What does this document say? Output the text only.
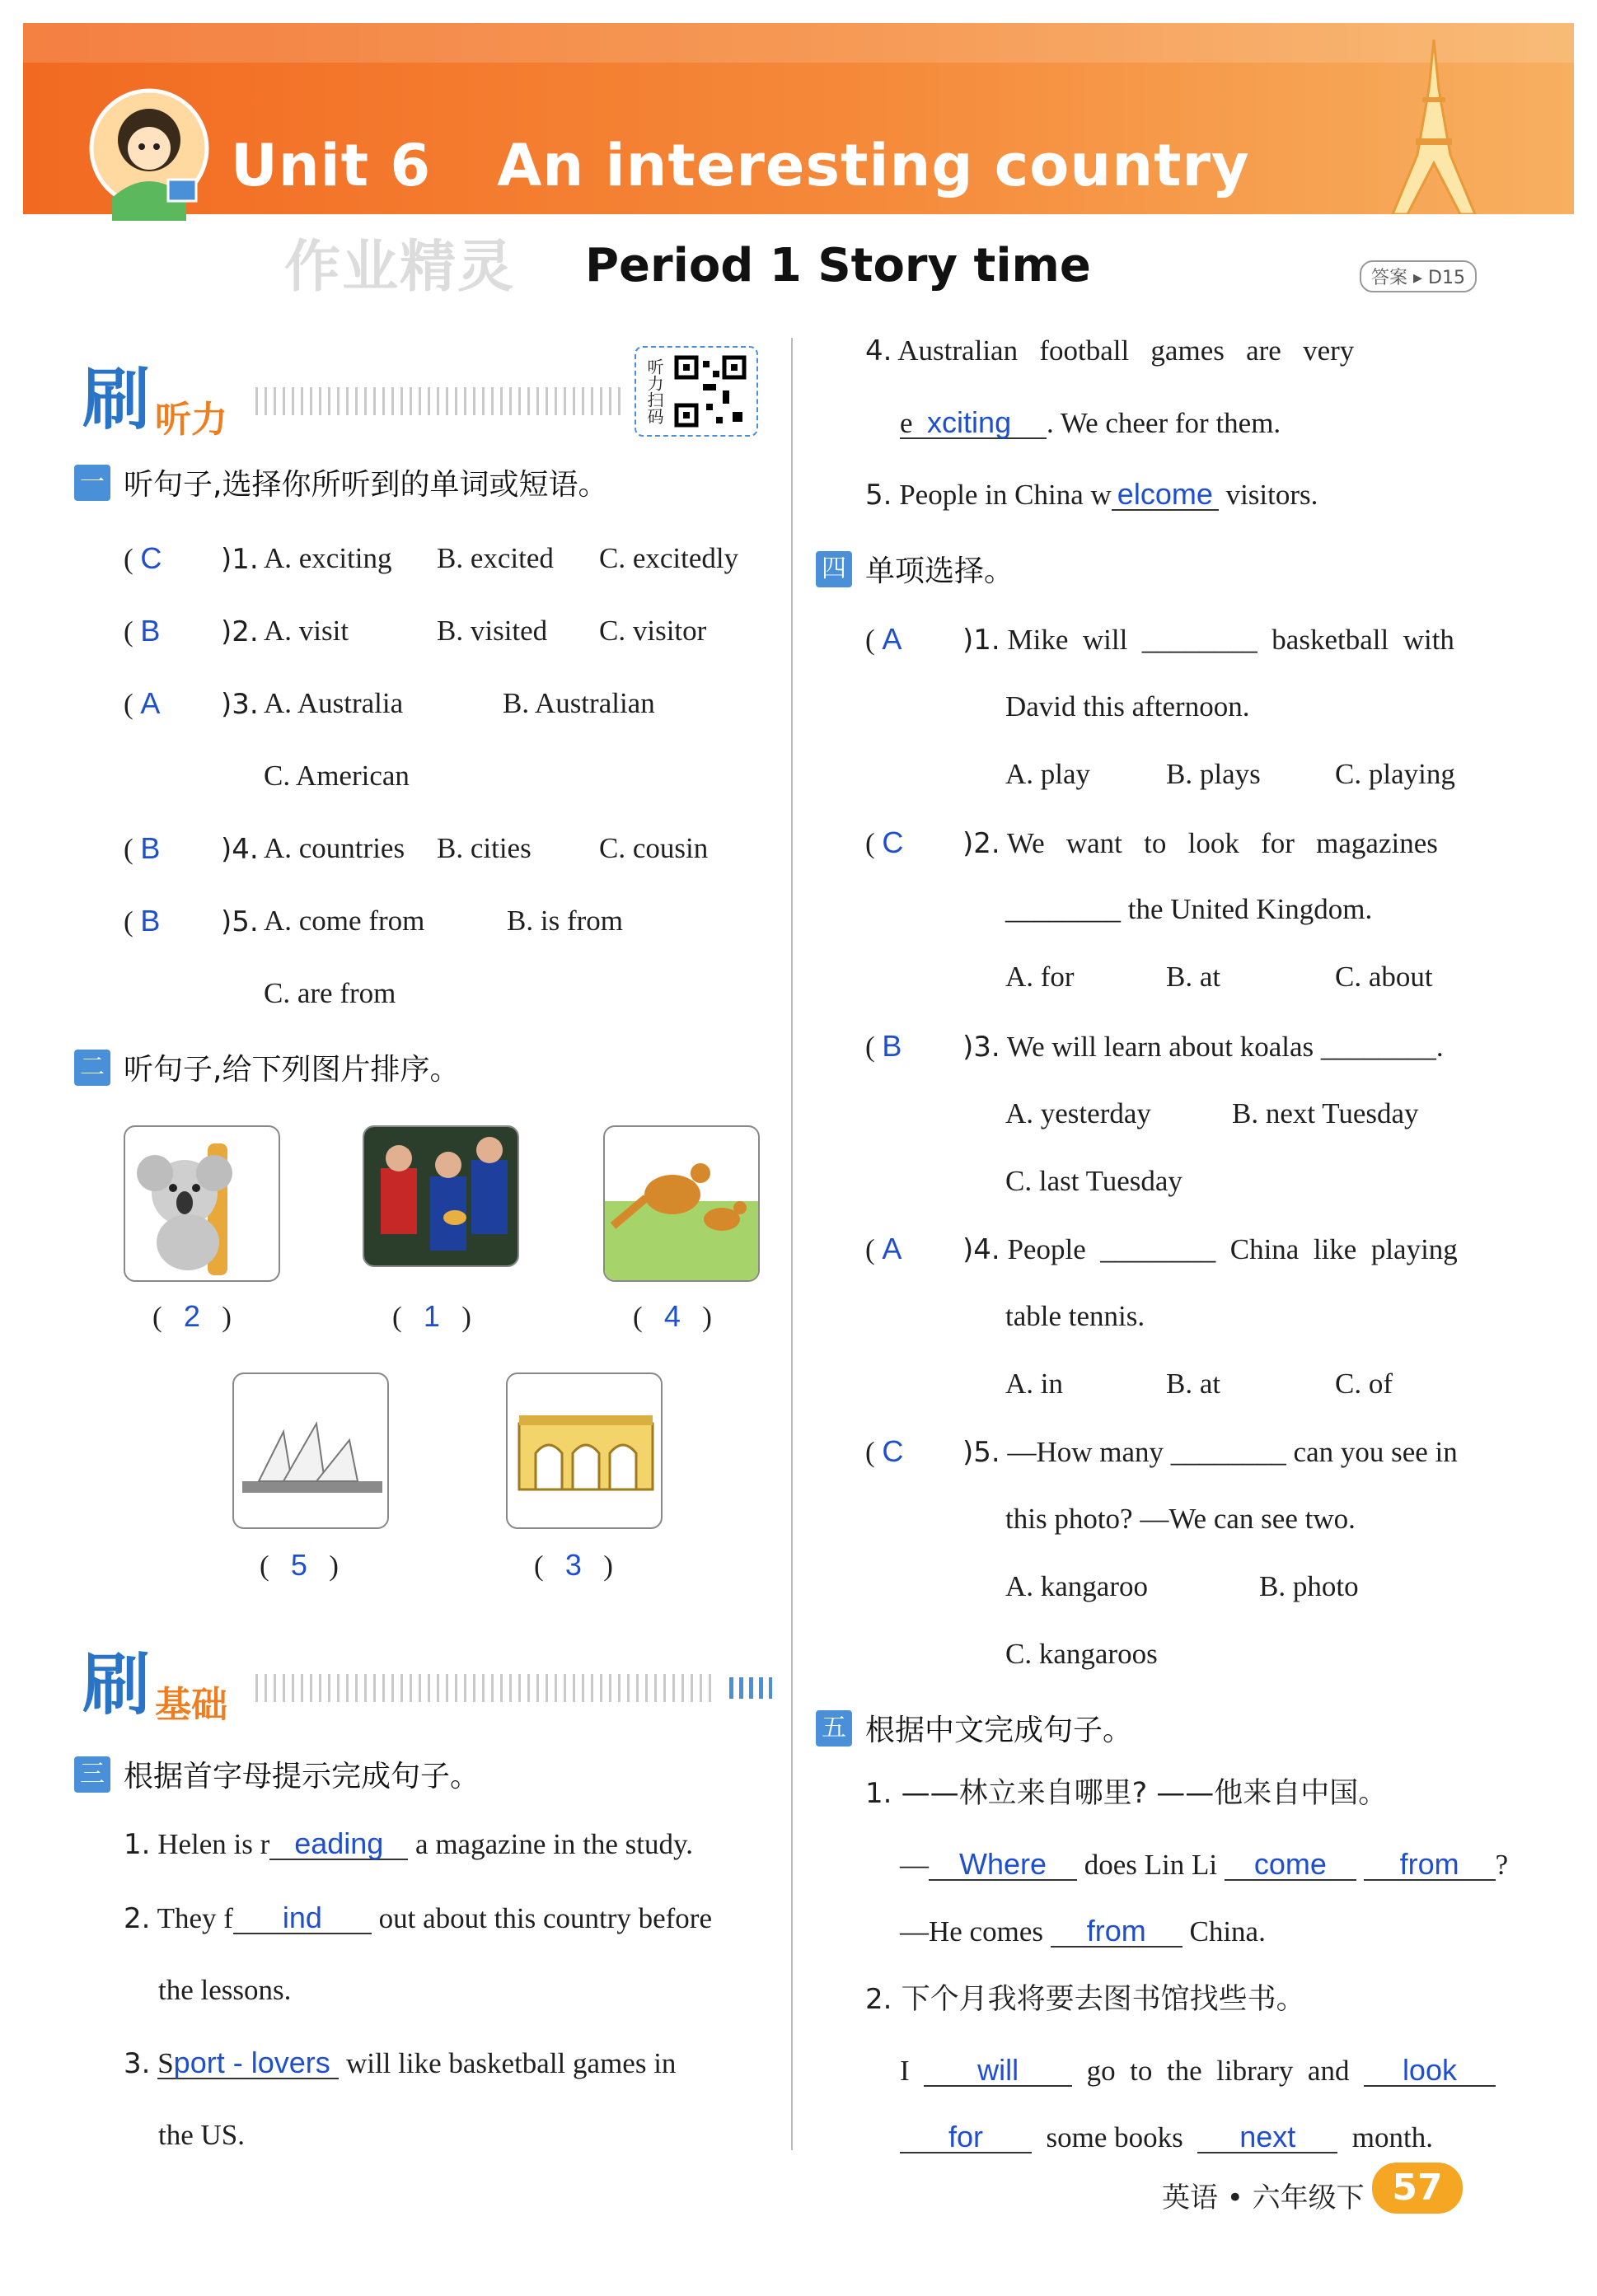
Unit 6 An interesting country
作业精灵 Period 1 Story time	答案 ▸ D15
刷 听力	听力扫码
一 听句子,选择你所听到的单词或短语。
( C )1. A. exciting B. excited C. excitedly
( B )2. A. visit	B. visited C. visitor
( A )3. A. Australia	B. Australian
C. American
( B )4. A. countries B. cities C. cousin
( B )5. A. come from	B. is from
C. are from
二 听句子,给下列图片排序。
(   2   )	(   1   )	(   4   )
(   5   )	(   3   )
刷 基础
三 根据首字母提示完成句子。
1. Helen is r eading a magazine in the study.
2. They f ind out about this country before
the lessons.
3. Sport - lovers will like basketball games in
the US.
4. Australian   football   games   are   very
e xciting . We cheer for them.
5. People in China w elcome visitors.
四 单项选择。
( A )1. Mike  will  ________  basketball  with
David this afternoon.
A. play	B. plays	C. playing
( C )2. We   want   to   look   for   magazines
________ the United Kingdom.
A. for	B. at	C. about
( B )3. We will learn about koalas ________.
A. yesterday	B. next Tuesday
C. last Tuesday
( A )4. People  ________  China  like  playing
table tennis.
A. in	B. at	C. of
( C )5. —How many ________ can you see in
this photo? —We can see two.
A. kangaroo	B. photo
C. kangaroos
五 根据中文完成句子。
1. ——林立来自哪里? ——他来自中国。
— Where does Lin Li come from ?
—He comes from China.
2. 下个月我将要去图书馆找些书。
I will go  to  the  library  and look
for some books next month.
英语 • 六年级下 57
